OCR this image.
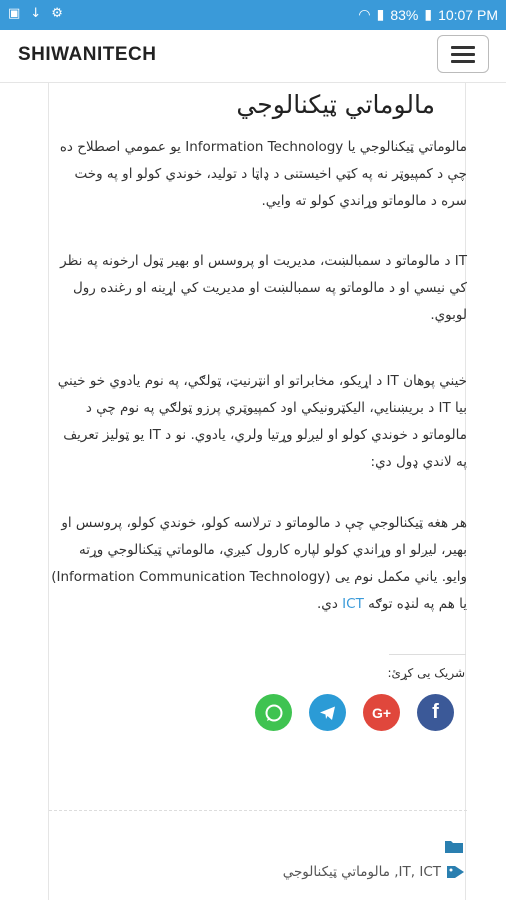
▣ ↓ ⚙	◠ ▮ 83% ▮ 10:07 PM
SHIWANITECH
مالوماتي ټیکنالوجي
مالوماتي ټیکنالوجي یا Information Technology یو عمومي اصطلاح ده چې د کمپیوټر نه په کټي اخیستنی د ډاټا د تولید، خوندي کولو او په وخت سره د مالوماتو وړاندي کولو ته وايي.
IT د مالوماتو د سمبالښت، مدیریت او پروسس او بهیر ټول ارخونه په نظر کي نیسي او د مالوماتو په سمبالښت او مدیریت کي اړینه او رغنده رول لوبوي.
خیني پوهان IT د اړیکو، مخابراتو او انټرنیټ، ټولګي، په نوم یادوي خو خیني بیا IT د بریښنایي، الیکټرونیکي اود کمپیوټري پرزو ټولګي په نوم چې د مالوماتو د خوندي کولو او لیږلو وړتیا ولري، یادوي. نو د IT یو ټولیز تعریف په لاندي ډول دي:
هر هغه ټیکنالوجي چې د مالوماتو د ترلاسه کولو، خوندي کولو، پروسس او بهیر، لیږلو او وړاندي کولو لپاره کارول کیږي، مالوماتي ټیکنالوجي وړته وایو. یاني مکمل نوم یی (Information Communication Technology) یا هم په لنډه توګه ICT دي.
شریک یی کړئ:
G+ f
IT, ICT, مالوماتي ټیکنالوجي
